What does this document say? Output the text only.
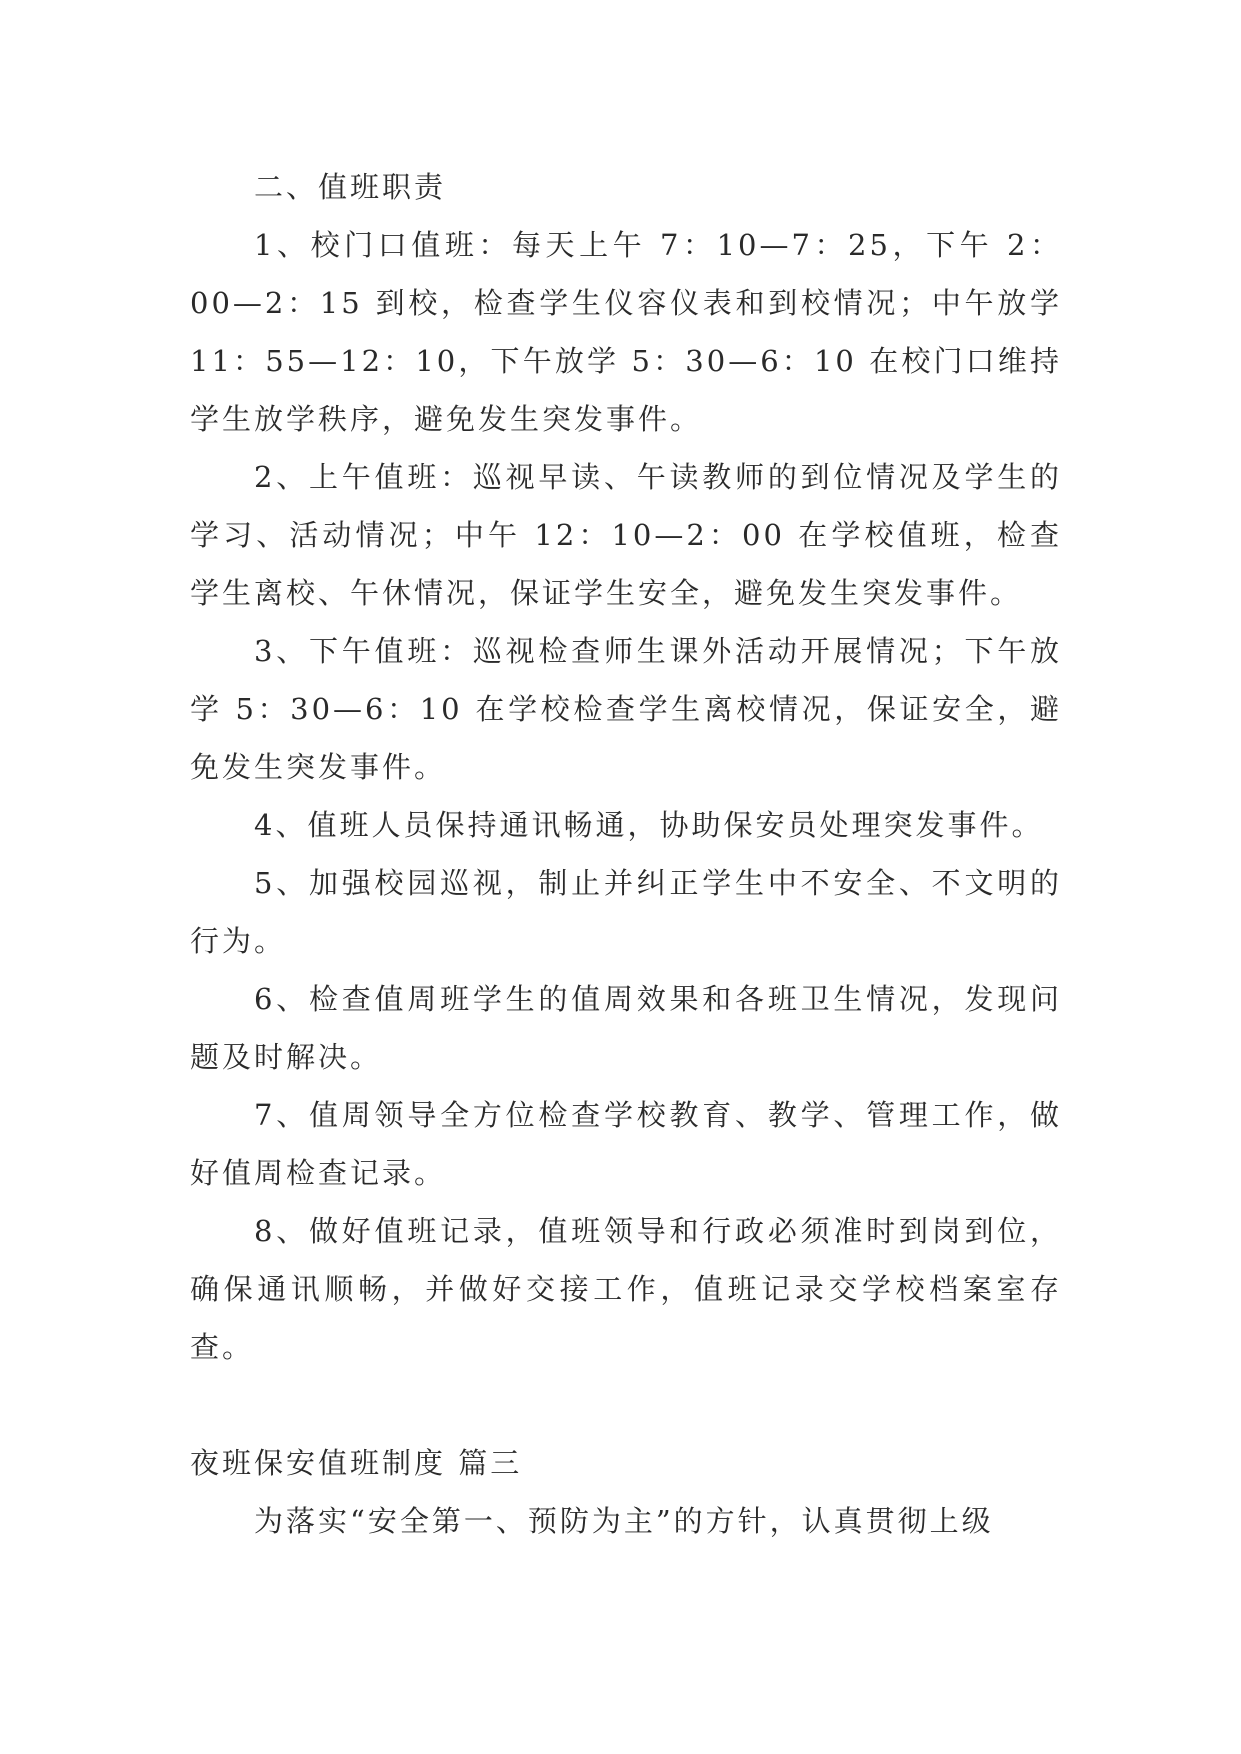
二、值班职责

1、校门口值班：每天上午 7：10—7：25，下午 2：00—2：15 到校，检查学生仪容仪表和到校情况；中午放学 11：55—12：10，下午放学 5：30—6：10 在校门口维持学生放学秩序，避免发生突发事件。

2、上午值班：巡视早读、午读教师的到位情况及学生的学习、活动情况；中午 12：10—2：00 在学校值班，检查学生离校、午休情况，保证学生安全，避免发生突发事件。

3、下午值班：巡视检查师生课外活动开展情况；下午放学 5：30—6：10 在学校检查学生离校情况，保证安全，避免发生突发事件。

4、值班人员保持通讯畅通，协助保安员处理突发事件。

5、加强校园巡视，制止并纠正学生中不安全、不文明的行为。

6、检查值周班学生的值周效果和各班卫生情况，发现问题及时解决。

7、值周领导全方位检查学校教育、教学、管理工作，做好值周检查记录。

8、做好值班记录，值班领导和行政必须准时到岗到位，确保通讯顺畅，并做好交接工作，值班记录交学校档案室存查。

夜班保安值班制度 篇三

为落实“安全第一、预防为主”的方针，认真贯彻上级
